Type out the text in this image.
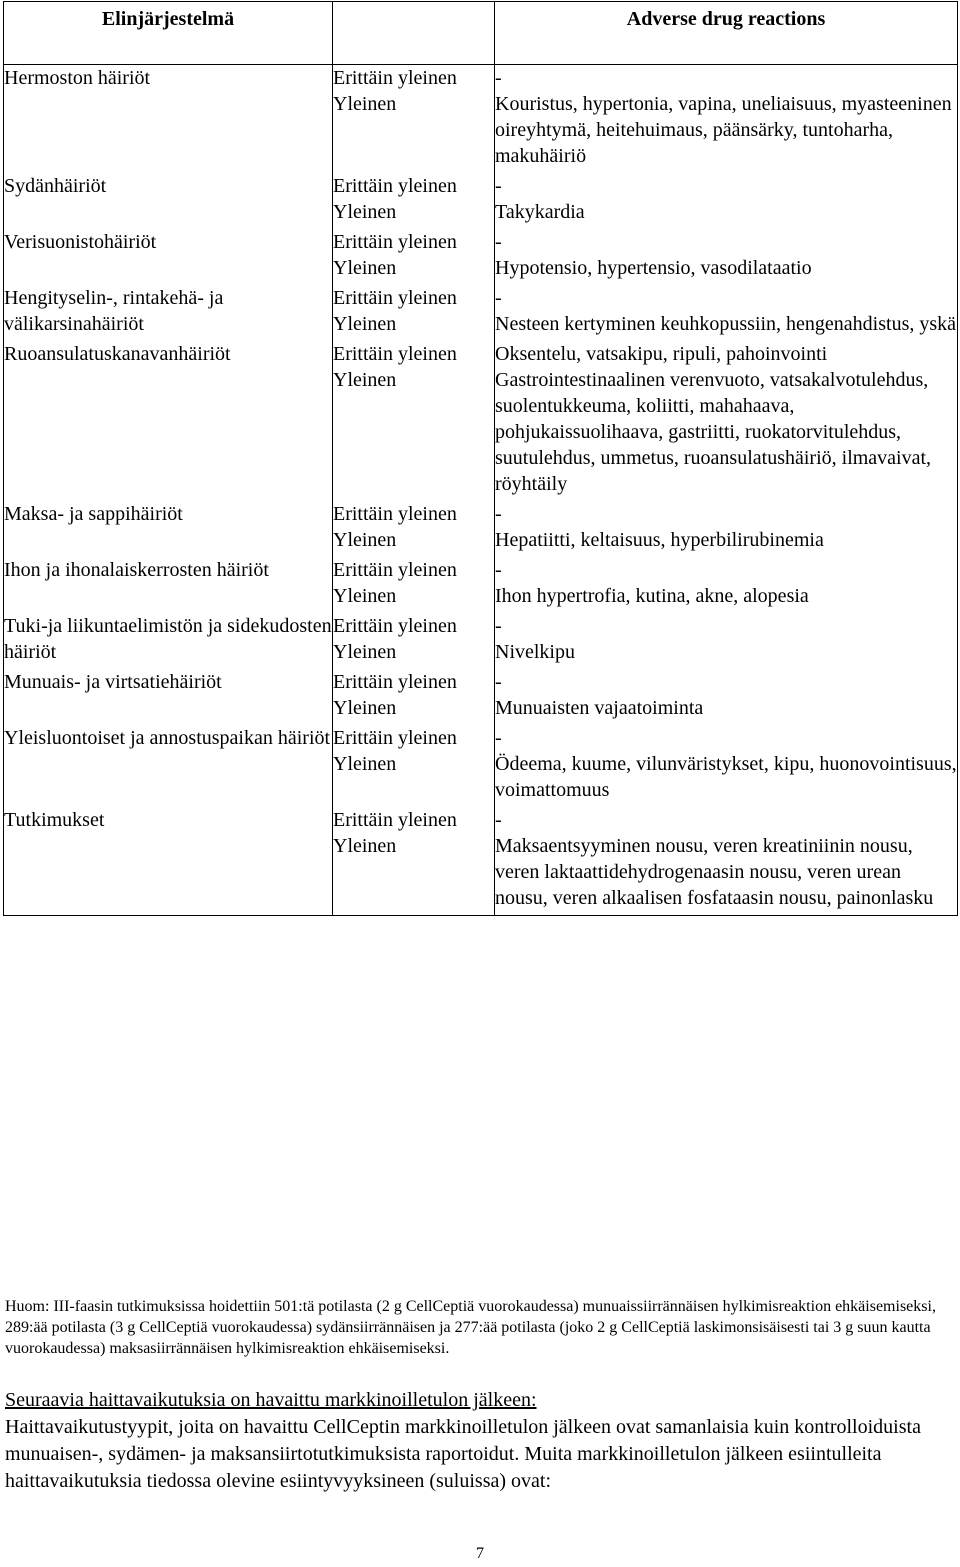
Elinjärjestelmä		Adverse drug reactions
Hermoston häiriöt	Erittäin yleinen	-
	Yleinen	Kouristus, hypertonia, vapina, uneliaisuus, myasteeninen oireyhtymä, heitehuimaus, päänsärky, tuntoharha, makuhäiriö
Sydänhäiriöt	Erittäin yleinen	-
	Yleinen	Takykardia
Verisuonistohäiriöt	Erittäin yleinen	-
	Yleinen	Hypotensio, hypertensio, vasodilataatio
Hengityselin-, rintakehä- ja välikarsinahäiriöt	Erittäin yleinen	-
	Yleinen	Nesteen kertyminen keuhkopussiin, hengenahdistus, yskä
Ruoansulatuskanavanhäiriöt	Erittäin yleinen	Oksentelu, vatsakipu, ripuli, pahoinvointi
	Yleinen	Gastrointestinaalinen verenvuoto, vatsakalvotulehdus, suolentukkeuma, koliitti, mahahaava, pohjukaissuolihaava, gastriitti, ruokatorvitulehdus, suutulehdus, ummetus, ruoansulatushäiriö, ilmavaivat, röyhtäily
Maksa- ja sappihäiriöt	Erittäin yleinen	-
	Yleinen	Hepatiitti, keltaisuus, hyperbilirubinemia
Ihon ja ihonalaiskerrosten häiriöt	Erittäin yleinen	-
	Yleinen	Ihon hypertrofia, kutina, akne, alopesia
Tuki-ja liikuntaelimistön ja sidekudosten häiriöt	Erittäin yleinen	-
	Yleinen	Nivelkipu
Munuais- ja virtsatiehäiriöt	Erittäin yleinen	-
	Yleinen	Munuaisten vajaatoiminta
Yleisluontoiset ja annostuspaikan häiriöt	Erittäin yleinen	-
	Yleinen	Ödeema, kuume, vilunväristykset, kipu, huonovointisuus, voimattomuus
Tutkimukset	Erittäin yleinen	-
	Yleinen	Maksaentsyyminen nousu, veren kreatiniinin nousu, veren laktaattidehydrogenaasin nousu, veren urean nousu, veren alkaalisen fosfataasin nousu, painonlasku
Huom: III-faasin tutkimuksissa hoidettiin 501:tä potilasta (2 g CellCeptiä vuorokaudessa) munuaissiirrännäisen hylkimisreaktion ehkäisemiseksi, 289:ää potilasta (3 g CellCeptiä vuorokaudessa) sydänsiirrännäisen ja 277:ää potilasta (joko 2 g CellCeptiä laskimonsisäisesti tai 3 g suun kautta vuorokaudessa) maksasiirrännäisen hylkimisreaktion ehkäisemiseksi.
Seuraavia haittavaikutuksia on havaittu markkinoilletulon jälkeen:
Haittavaikutustyypit, joita on havaittu CellCeptin markkinoilletulon jälkeen ovat samanlaisia kuin kontrolloiduista munuaisen-, sydämen- ja maksansiirtotutkimuksista raportoidut. Muita markkinoilletulon jälkeen esiintulleita haittavaikutuksia tiedossa olevine esiintyvyyksineen (suluissa) ovat:
7
